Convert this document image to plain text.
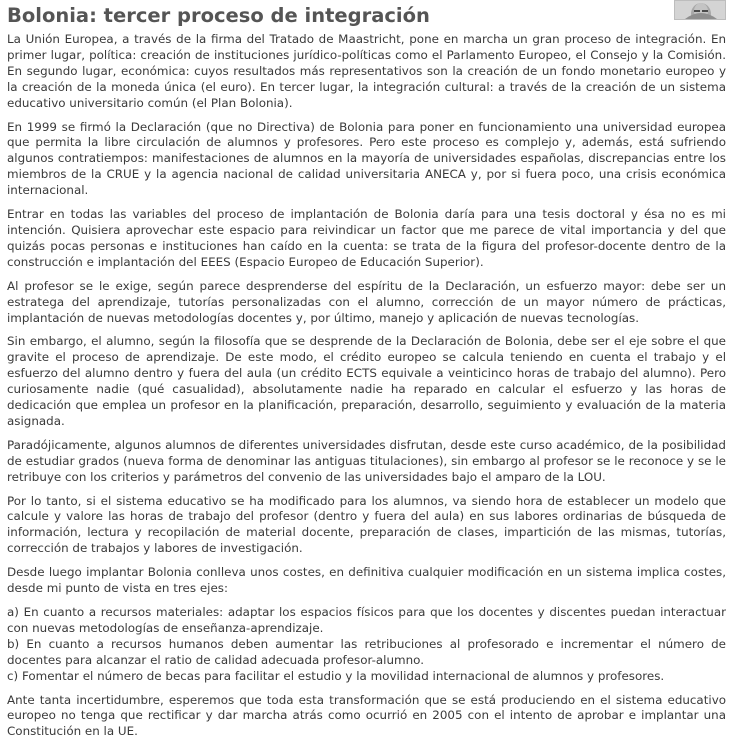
Bolonia: tercer proceso de integración

La Unión Europea, a través de la firma del Tratado de Maastricht, pone en marcha un gran proceso de integración. En primer lugar, política: creación de instituciones jurídico-políticas como el Parlamento Europeo, el Consejo y la Comisión. En segundo lugar, económica: cuyos resultados más representativos son la creación de un fondo monetario europeo y la creación de la moneda única (el euro). En tercer lugar, la integración cultural: a través de la creación de un sistema educativo universitario común (el Plan Bolonia).

En 1999 se firmó la Declaración (que no Directiva) de Bolonia para poner en funcionamiento una universidad europea que permita la libre circulación de alumnos y profesores. Pero este proceso es complejo y, además, está sufriendo algunos contratiempos: manifestaciones de alumnos en la mayoría de universidades españolas, discrepancias entre los miembros de la CRUE y la agencia nacional de calidad universitaria ANECA y, por si fuera poco, una crisis económica internacional.

Entrar en todas las variables del proceso de implantación de Bolonia daría para una tesis doctoral y ésa no es mi intención. Quisiera aprovechar este espacio para reivindicar un factor que me parece de vital importancia y del que quizás pocas personas e instituciones han caído en la cuenta: se trata de la figura del profesor-docente dentro de la construcción e implantación del EEES (Espacio Europeo de Educación Superior).

Al profesor se le exige, según parece desprenderse del espíritu de la Declaración, un esfuerzo mayor: debe ser un estratega del aprendizaje, tutorías personalizadas con el alumno, corrección de un mayor número de prácticas, implantación de nuevas metodologías docentes y, por último, manejo y aplicación de nuevas tecnologías.

Sin embargo, el alumno, según la filosofía que se desprende de la Declaración de Bolonia, debe ser el eje sobre el que gravite el proceso de aprendizaje. De este modo, el crédito europeo se calcula teniendo en cuenta el trabajo y el esfuerzo del alumno dentro y fuera del aula (un crédito ECTS equivale a veinticinco horas de trabajo del alumno). Pero curiosamente nadie (qué casualidad), absolutamente nadie ha reparado en calcular el esfuerzo y las horas de dedicación que emplea un profesor en la planificación, preparación, desarrollo, seguimiento y evaluación de la materia asignada.

Paradójicamente, algunos alumnos de diferentes universidades disfrutan, desde este curso académico, de la posibilidad de estudiar grados (nueva forma de denominar las antiguas titulaciones), sin embargo al profesor se le reconoce y se le retribuye con los criterios y parámetros del convenio de las universidades bajo el amparo de la LOU.

Por lo tanto, si el sistema educativo se ha modificado para los alumnos, va siendo hora de establecer un modelo que calcule y valore las horas de trabajo del profesor (dentro y fuera del aula) en sus labores ordinarias de búsqueda de información, lectura y recopilación de material docente, preparación de clases, impartición de las mismas, tutorías, corrección de trabajos y labores de investigación.

Desde luego implantar Bolonia conlleva unos costes, en definitiva cualquier modificación en un sistema implica costes, desde mi punto de vista en tres ejes:

a) En cuanto a recursos materiales: adaptar los espacios físicos para que los docentes y discentes puedan interactuar con nuevas metodologías de enseñanza-aprendizaje.

b) En cuanto a recursos humanos deben aumentar las retribuciones al profesorado e incrementar el número de docentes para alcanzar el ratio de calidad adecuada profesor-alumno.

c) Fomentar el número de becas para facilitar el estudio y la movilidad internacional de alumnos y profesores.

Ante tanta incertidumbre, esperemos que toda esta transformación que se está produciendo en el sistema educativo europeo no tenga que rectificar y dar marcha atrás como ocurrió en 2005 con el intento de aprobar e implantar una Constitución en la UE.
